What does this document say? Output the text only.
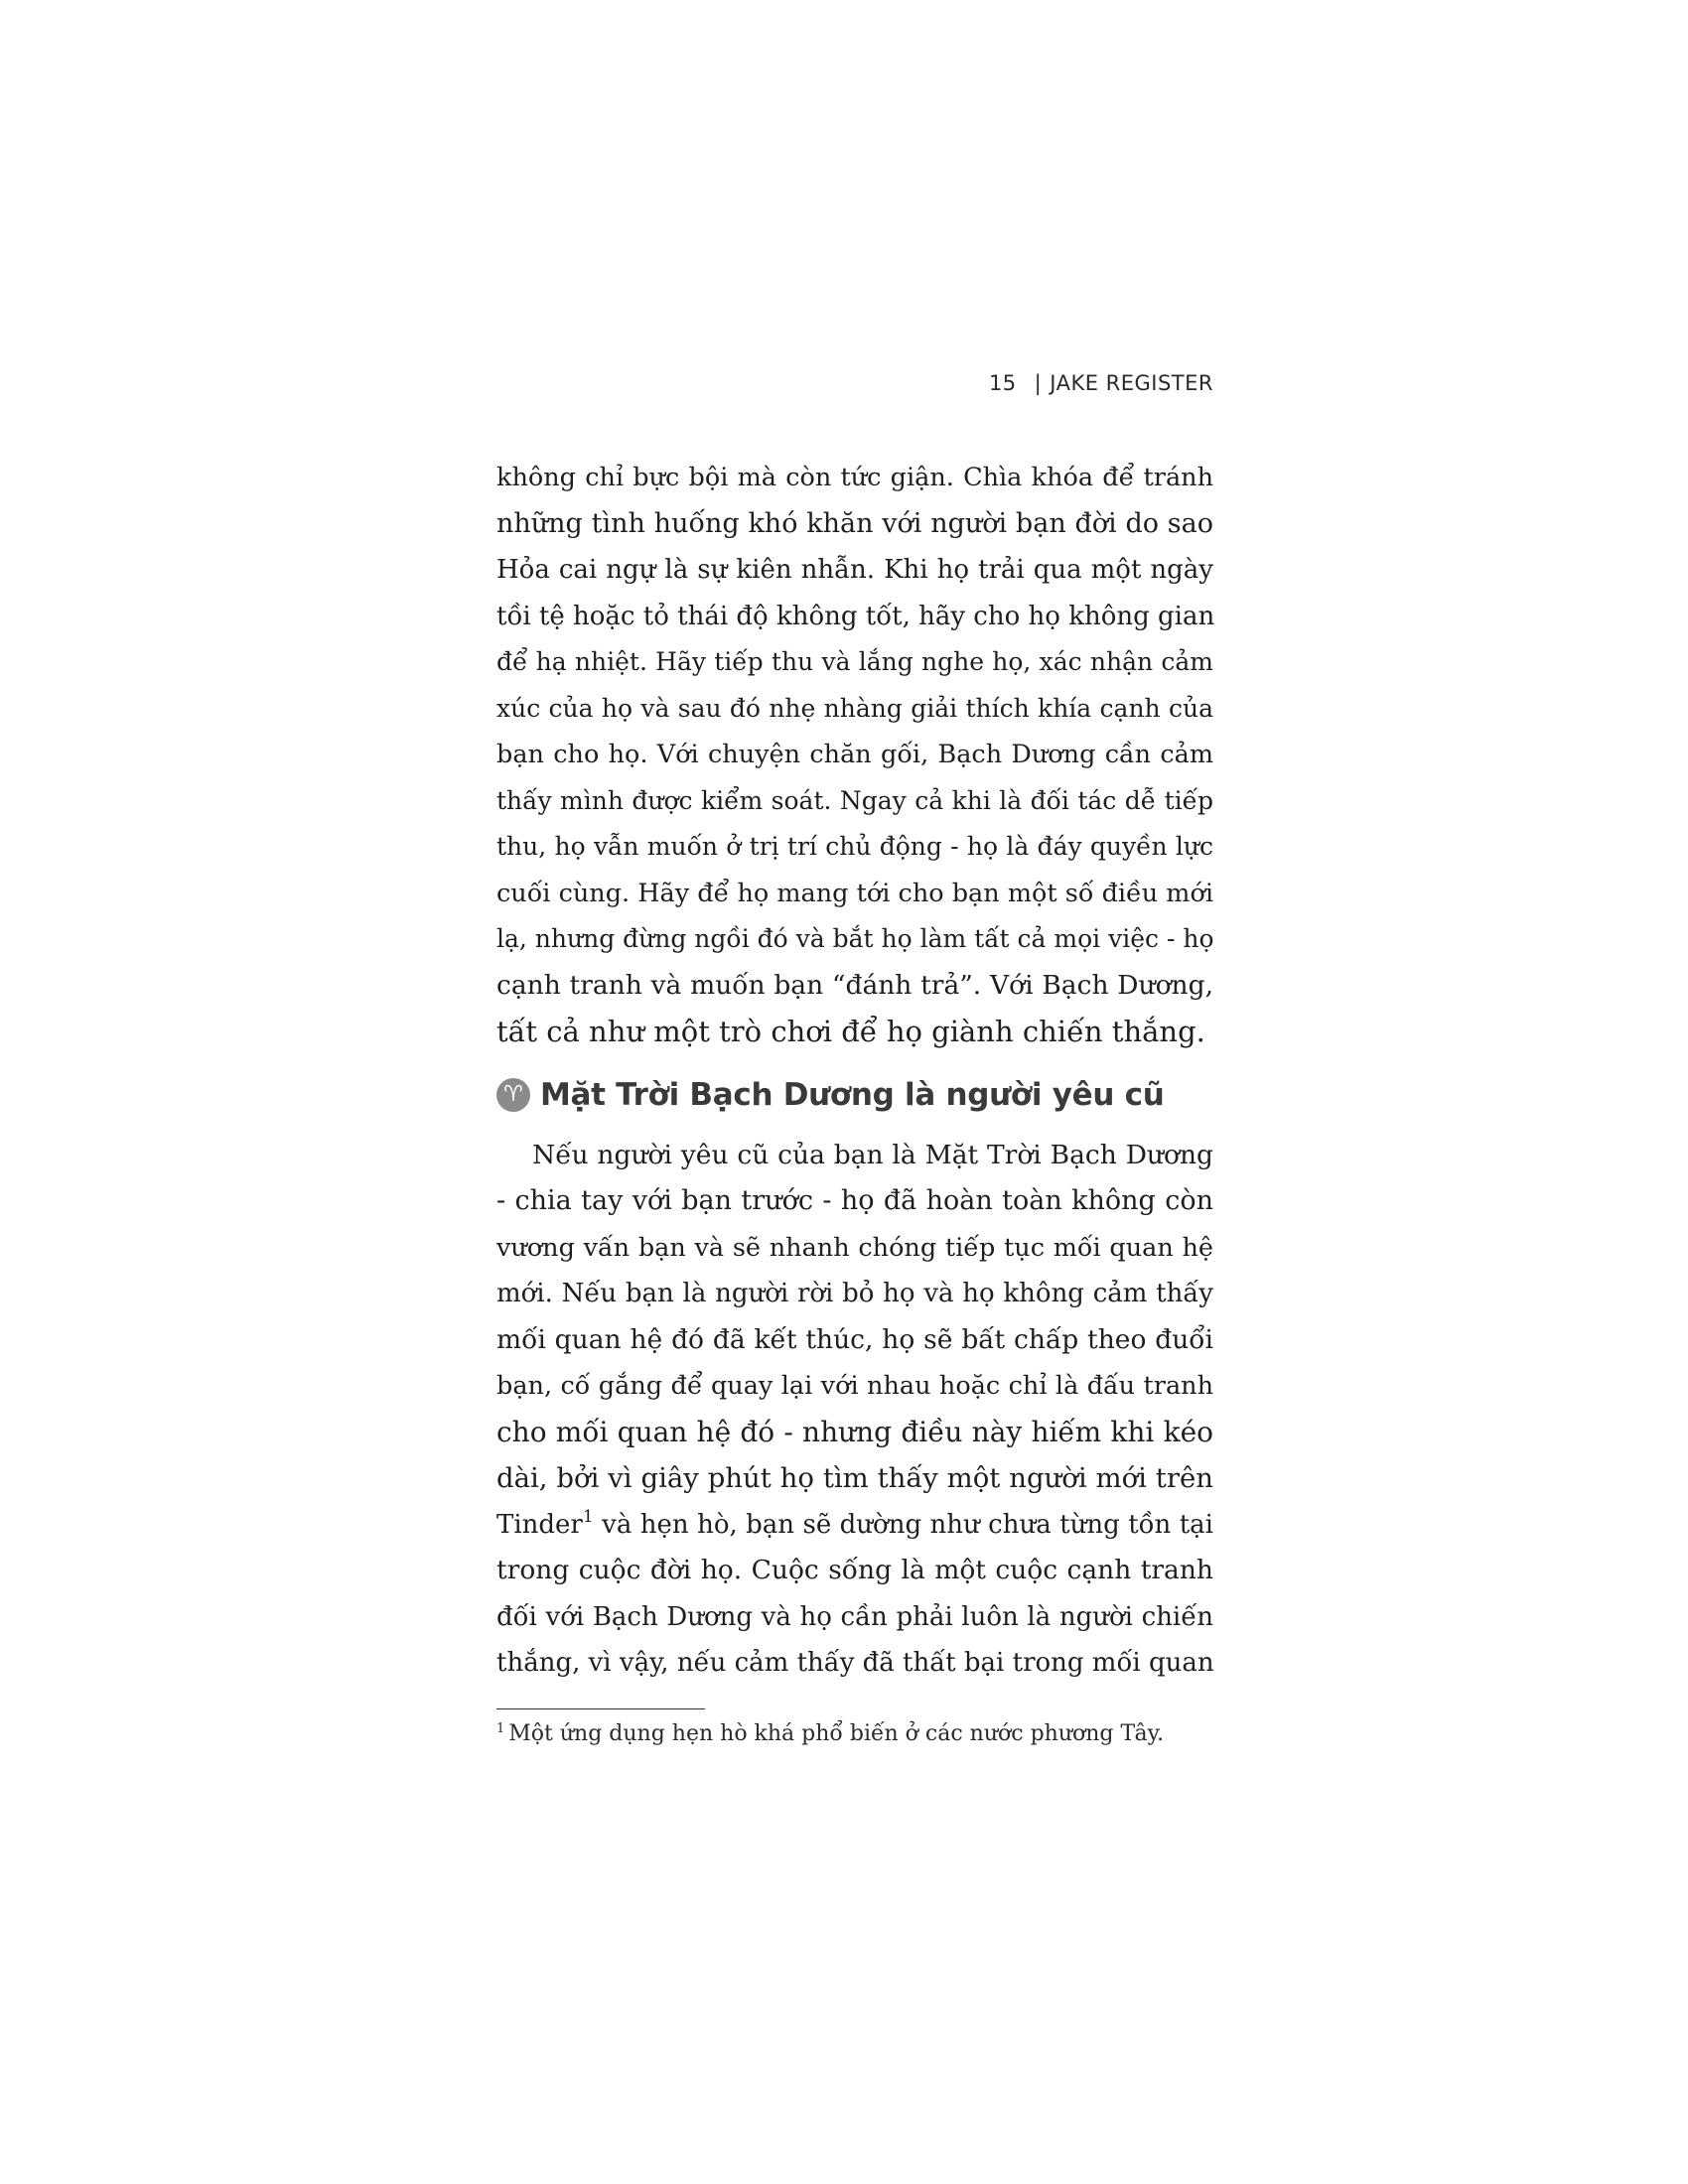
15 | JAKE REGISTER

không chỉ bực bội mà còn tức giận. Chìa khóa để tránh

những tình huống khó khăn với người bạn đời do sao

Hỏa cai ngự là sự kiên nhẫn. Khi họ trải qua một ngày

tồi tệ hoặc tỏ thái độ không tốt, hãy cho họ không gian

để hạ nhiệt. Hãy tiếp thu và lắng nghe họ, xác nhận cảm

xúc của họ và sau đó nhẹ nhàng giải thích khía cạnh của

bạn cho họ. Với chuyện chăn gối, Bạch Dương cần cảm

thấy mình được kiểm soát. Ngay cả khi là đối tác dễ tiếp

thu, họ vẫn muốn ở trị trí chủ động - họ là đáy quyền lực

cuối cùng. Hãy để họ mang tới cho bạn một số điều mới

lạ, nhưng đừng ngồi đó và bắt họ làm tất cả mọi việc - họ

cạnh tranh và muốn bạn “đánh trả”. Với Bạch Dương,

tất cả như một trò chơi để họ giành chiến thắng.

♈ Mặt Trời Bạch Dương là người yêu cũ

Nếu người yêu cũ của bạn là Mặt Trời Bạch Dương

- chia tay với bạn trước - họ đã hoàn toàn không còn

vương vấn bạn và sẽ nhanh chóng tiếp tục mối quan hệ

mới. Nếu bạn là người rời bỏ họ và họ không cảm thấy

mối quan hệ đó đã kết thúc, họ sẽ bất chấp theo đuổi

bạn, cố gắng để quay lại với nhau hoặc chỉ là đấu tranh

cho mối quan hệ đó - nhưng điều này hiếm khi kéo

dài, bởi vì giây phút họ tìm thấy một người mới trên

Tinder$^1$ và hẹn hò, bạn sẽ dường như chưa từng tồn tại

trong cuộc đời họ. Cuộc sống là một cuộc cạnh tranh

đối với Bạch Dương và họ cần phải luôn là người chiến

thắng, vì vậy, nếu cảm thấy đã thất bại trong mối quan

$^1$ Một ứng dụng hẹn hò khá phổ biến ở các nước phương Tây.
